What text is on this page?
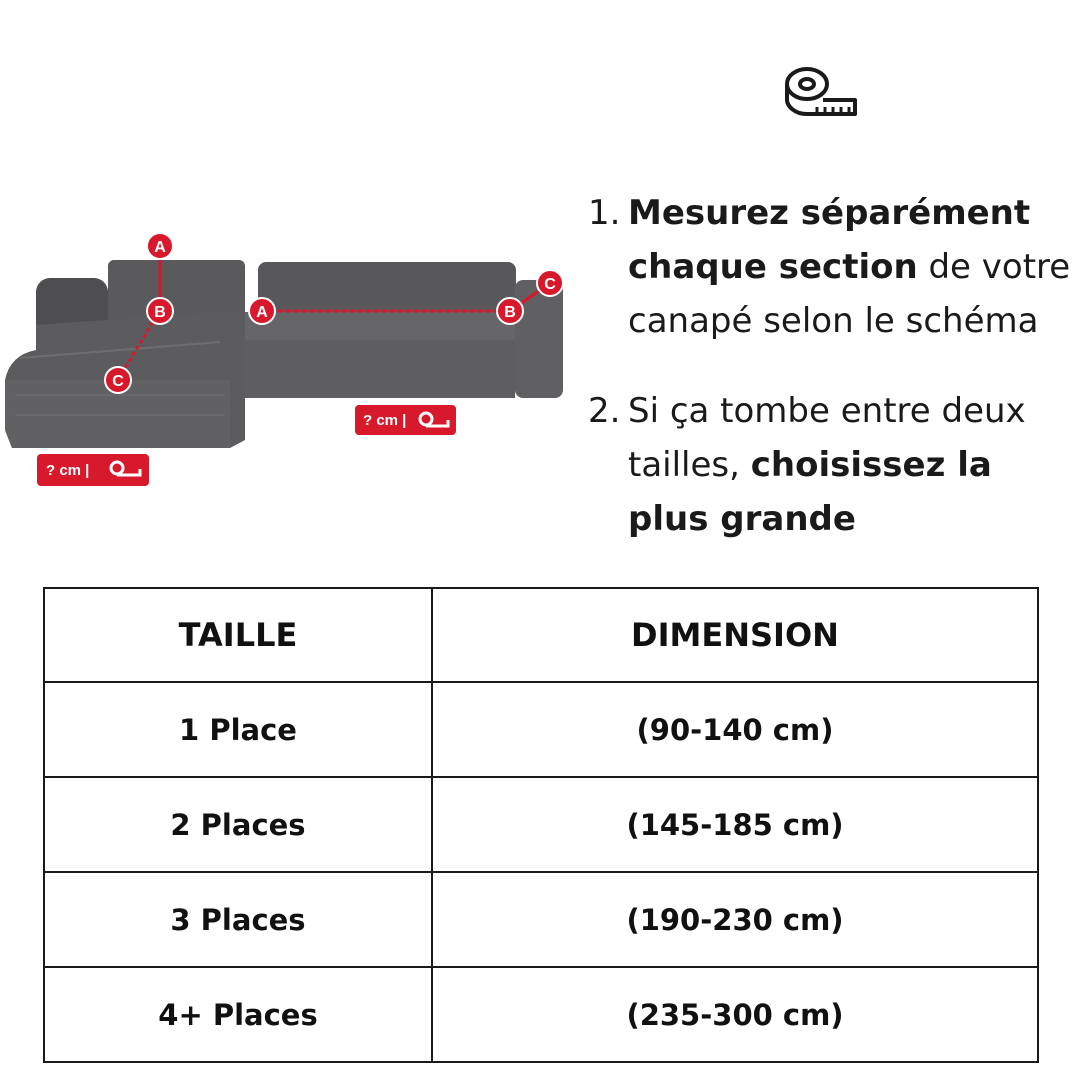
A
B
C
A	B
C
? cm |
? cm |
1. Mesurez séparément chaque section de votre canapé selon le schéma
2. Si ça tombe entre deux tailles, choisissez la plus grande
TAILLE	DIMENSION
1 Place	(90-140 cm)
2 Places	(145-185 cm)
3 Places	(190-230 cm)
4+ Places	(235-300 cm)
